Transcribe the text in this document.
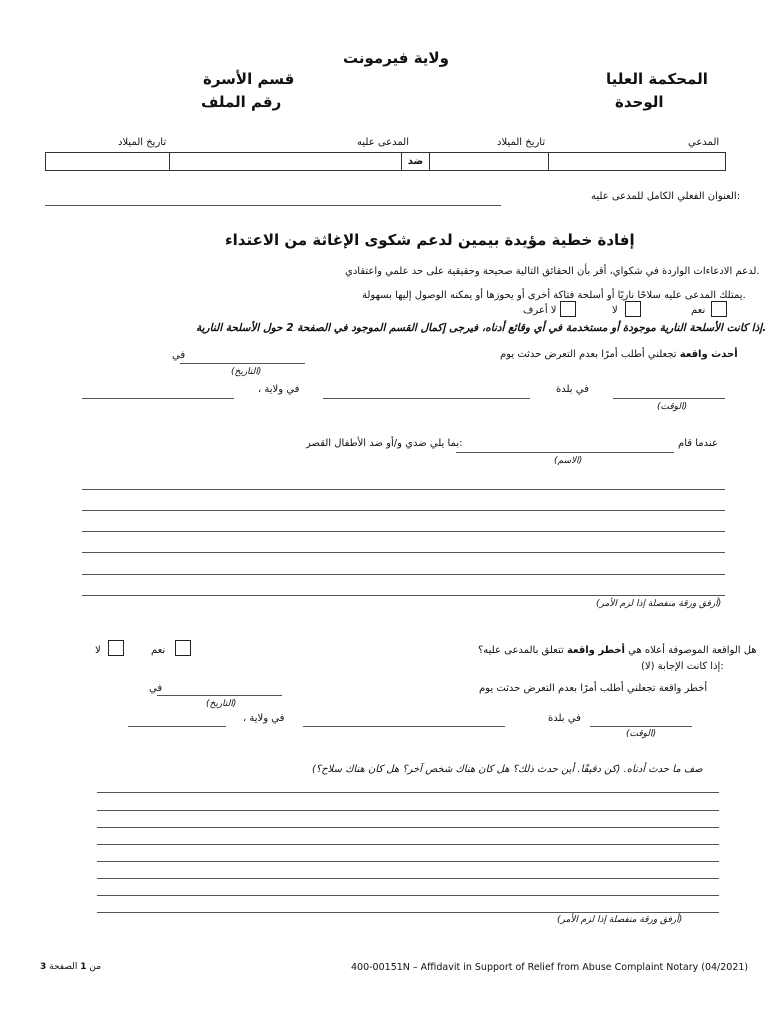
ولاية فيرمونت
المحكمة العليا
قسم الأسرة
الوحدة
رقم الملف
المدعي
تاريخ الميلاد
المدعى عليه
تاريخ الميلاد
		ضد		
العنوان الفعلي الكامل للمدعى عليه:
إفادة خطية مؤيدة بيمين لدعم شكوى الإغاثة من الاعتداء
لدعم الادعاءات الواردة في شكواي، أقر بأن الحقائق التالية صحيحة وحقيقية على حد علمي واعتقادي.
يمتلك المدعى عليه سلاحًا ناريًا أو أسلحة فتاكة أخرى أو يحوزها أو يمكنه الوصول إليها بسهولة.
نعم
لا
لا أعرف
إذا كانت الأسلحة النارية موجودة أو مستخدمة في أي وقائع أدناه، فيرجى إكمال القسم الموجود في الصفحة 2 حول الأسلحة النارية.
أحدث واقعة تجعلني أطلب أمرًا بعدم التعرض حدثت يوم
في
(التاريخ)
(الوقت)
في بلدة
، في ولاية
عندما قام
(الاسم)
بما يلي ضدي و/أو ضد الأطفال القصر:
(أرفق ورقة منفصلة إذا لزم الأمر)
هل الواقعة الموصوفة أعلاه هي أخطر واقعة تتعلق بالمدعى عليه؟
نعم
لا
إذا كانت الإجابة (لا):
أخطر واقعة تجعلني أطلب أمرًا بعدم التعرض حدثت يوم
في
(التاريخ)
(الوقت)
في بلدة
، في ولاية
صف ما حدث أدناه. (كن دقيقًا. أين حدث ذلك؟ هل كان هناك شخص آخر؟ هل كان هناك سلاح؟)
(أرفق ورقة منفصلة إذا لزم الأمر)
3	من 1 الصفحة	400-00151N – Affidavit in Support of Relief from Abuse Complaint Notary (04/2021)
